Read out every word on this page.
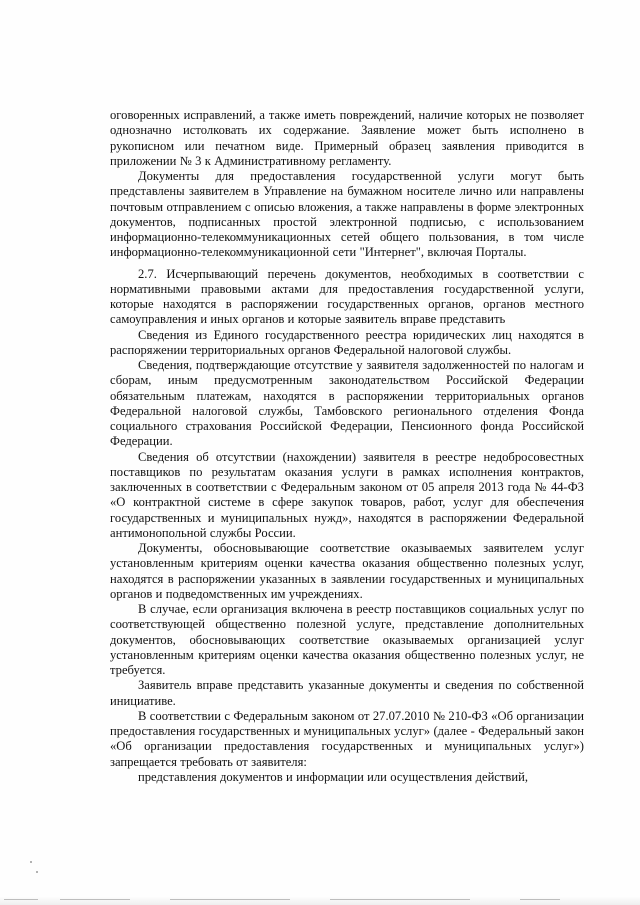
оговоренных исправлений, а также иметь повреждений, наличие которых не позволяет однозначно истолковать их содержание. Заявление может быть исполнено в рукописном или печатном виде. Примерный образец заявления приводится в приложении № 3 к Административному регламенту.

Документы для предоставления государственной услуги могут быть представлены заявителем в Управление на бумажном носителе лично или направлены почтовым отправлением с описью вложения, а также направлены в форме электронных документов, подписанных простой электронной подписью, с использованием информационно-телекоммуникационных сетей общего пользования, в том числе информационно-телекоммуникационной сети "Интернет", включая Порталы.

2.7. Исчерпывающий перечень документов, необходимых в соответствии с нормативными правовыми актами для предоставления государственной услуги, которые находятся в распоряжении государственных органов, органов местного самоуправления и иных органов и которые заявитель вправе представить

Сведения из Единого государственного реестра юридических лиц находятся в распоряжении территориальных органов Федеральной налоговой службы.

Сведения, подтверждающие отсутствие у заявителя задолженностей по налогам и сборам, иным предусмотренным законодательством Российской Федерации обязательным платежам, находятся в распоряжении территориальных органов Федеральной налоговой службы, Тамбовского регионального отделения Фонда социального страхования Российской Федерации, Пенсионного фонда Российской Федерации.

Сведения об отсутствии (нахождении) заявителя в реестре недобросовестных поставщиков по результатам оказания услуги в рамках исполнения контрактов, заключенных в соответствии с Федеральным законом от 05 апреля 2013 года № 44-ФЗ «О контрактной системе в сфере закупок товаров, работ, услуг для обеспечения государственных и муниципальных нужд», находятся в распоряжении Федеральной антимонопольной службы России.

Документы, обосновывающие соответствие оказываемых заявителем услуг установленным критериям оценки качества оказания общественно полезных услуг, находятся в распоряжении указанных в заявлении государственных и муниципальных органов и подведомственных им учреждениях.

В случае, если организация включена в реестр поставщиков социальных услуг по соответствующей общественно полезной услуге, представление дополнительных документов, обосновывающих соответствие оказываемых организацией услуг установленным критериям оценки качества оказания общественно полезных услуг, не требуется.

Заявитель вправе представить указанные документы и сведения по собственной инициативе.

В соответствии с Федеральным законом от 27.07.2010 № 210-ФЗ «Об организации предоставления государственных и муниципальных услуг» (далее - Федеральный закон «Об организации предоставления государственных и муниципальных услуг») запрещается требовать от заявителя:

представления документов и информации или осуществления действий,
